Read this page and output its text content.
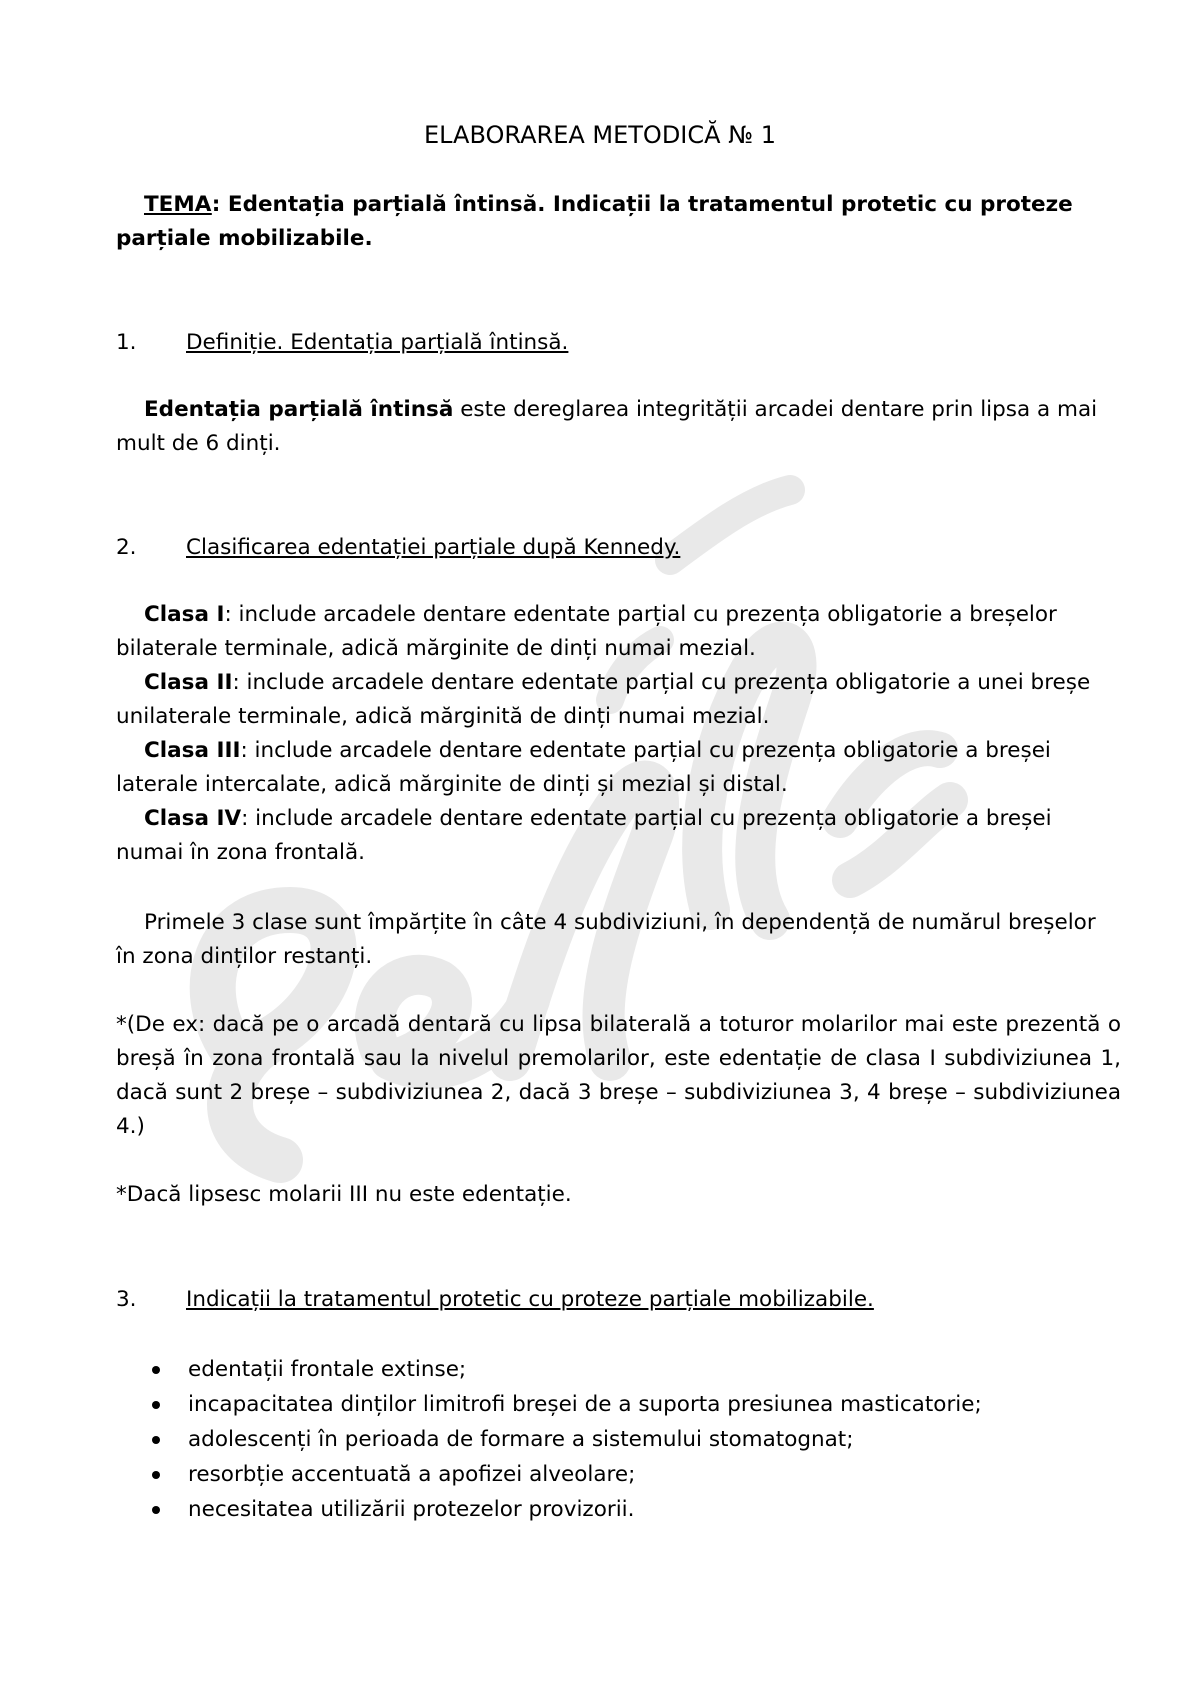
ELABORAREA METODICĂ № 1
TEMA: Edentația parțială întinsă. Indicații la tratamentul protetic cu proteze parțiale mobilizabile.
1.	Definiție. Edentația parțială întinsă.
Edentația parțială întinsă este dereglarea integrității arcadei dentare prin lipsa a mai mult de 6 dinți.
2.	Clasificarea edentației parțiale după Kennedy.

Clasa I: include arcadele dentare edentate parțial cu prezența obligatorie a breșelor bilaterale terminale, adică mărginite de dinți numai mezial.

Clasa II: include arcadele dentare edentate parțial cu prezența obligatorie a unei breșe unilaterale terminale, adică mărginită de dinți numai mezial.

Clasa III: include arcadele dentare edentate parțial cu prezența obligatorie a breșei laterale intercalate, adică mărginite de dinți și mezial și distal.

Clasa IV: include arcadele dentare edentate parțial cu prezența obligatorie a breșei numai în zona frontală.

Primele 3 clase sunt împărțite în câte 4 subdiviziuni, în dependență de numărul breșelor în zona dinților restanți.
*(De ex: dacă pe o arcadă dentară cu lipsa bilaterală a toturor molarilor mai este prezentă o breșă în zona frontală sau la nivelul premolarilor, este edentație de clasa I subdiviziunea 1, dacă sunt 2 breșe – subdiviziunea 2, dacă 3 breșe – subdiviziunea 3, 4 breșe – subdiviziunea 4.)
*Dacă lipsesc molarii III nu este edentație.
3.	Indicații la tratamentul protetic cu proteze parțiale mobilizabile.
edentații frontale extinse;
incapacitatea dinților limitrofi breșei de a suporta presiunea masticatorie;
adolescenți în perioada de formare a sistemului stomatognat;
resorbție accentuată a apofizei alveolare;
necesitatea utilizării protezelor provizorii.
